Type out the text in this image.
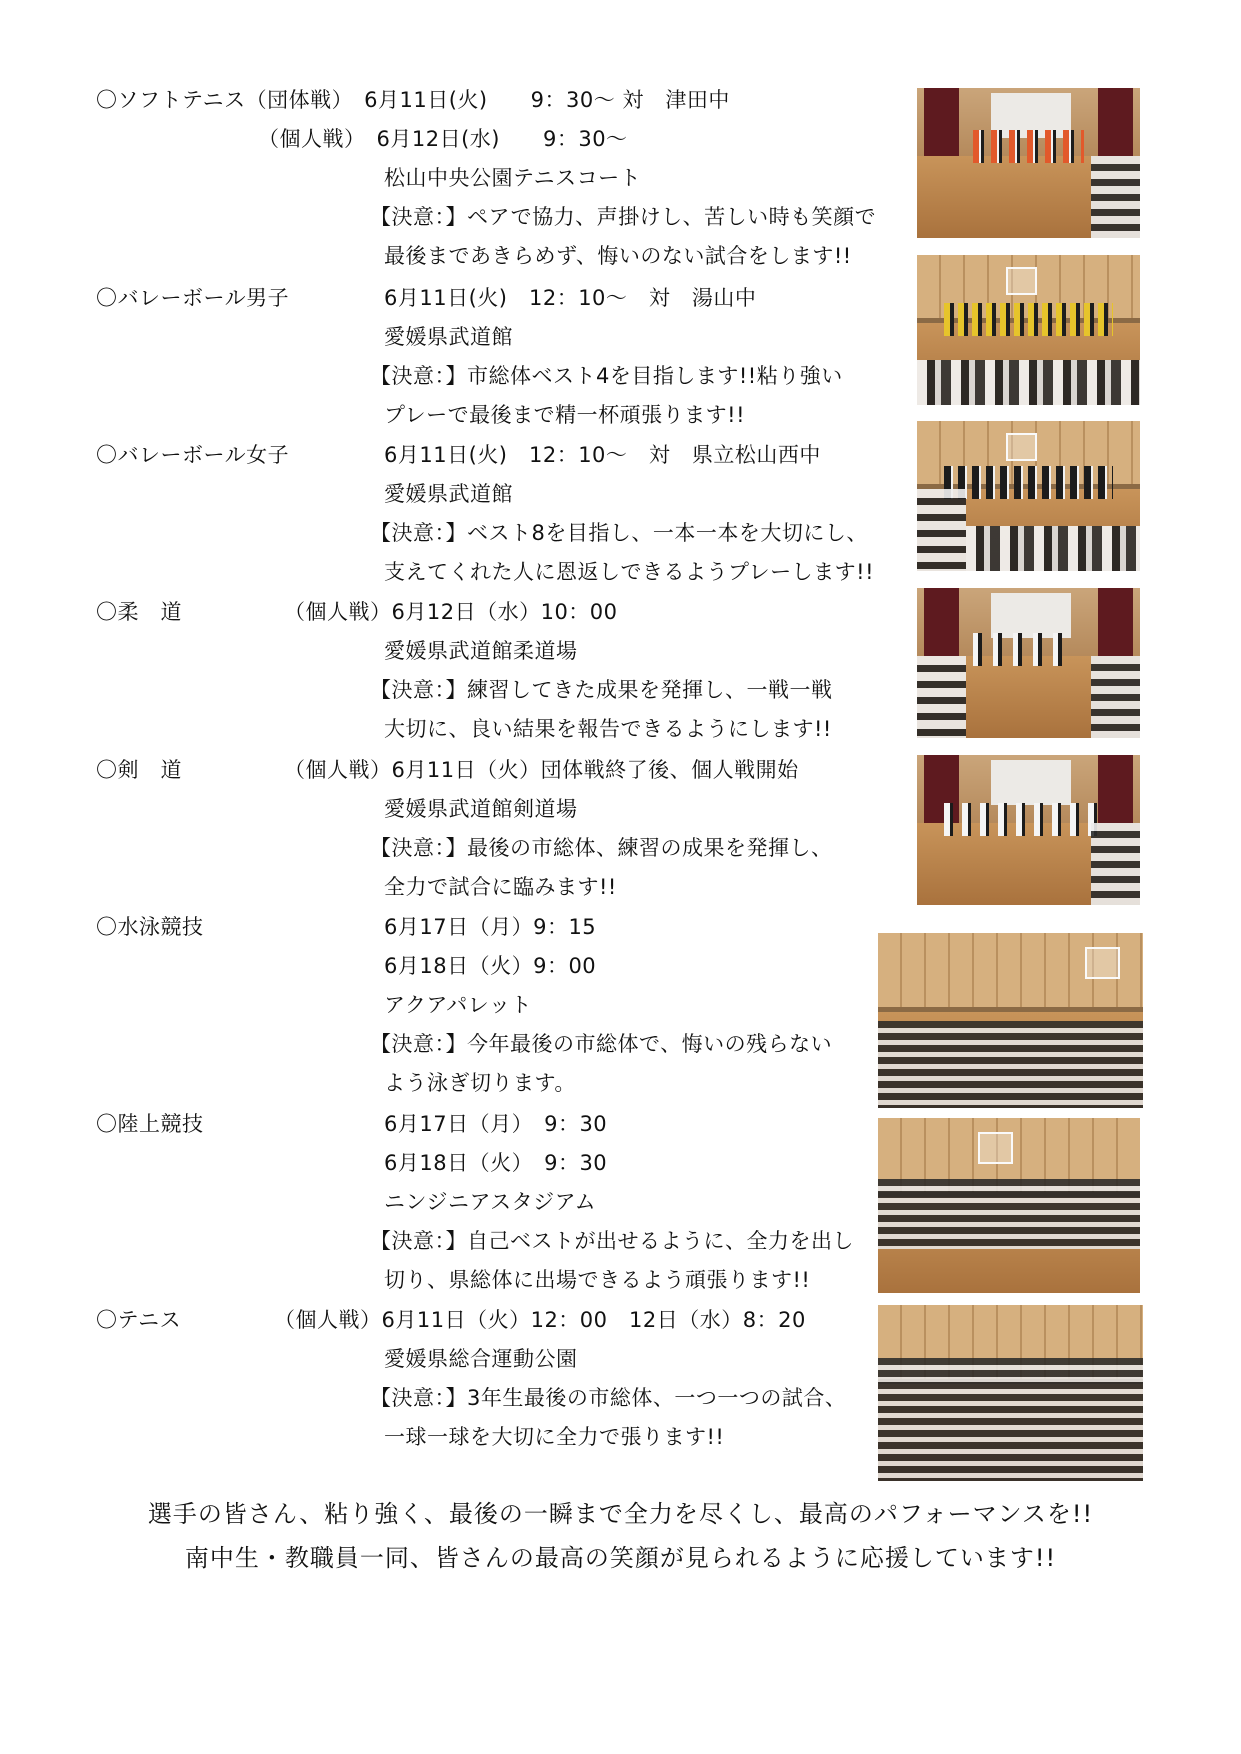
〇ソフトテニス（団体戦）　6月11日(火)　　9：30～ 対　津田中
（個人戦）　6月12日(水)　　9：30～
松山中央公園テニスコート
【決意：】ペアで協力、声掛けし、苦しい時も笑顔で
最後まであきらめず、悔いのない試合をします!!
〇バレーボール男子	6月11日(火)　12：10～　対　湯山中
愛媛県武道館
【決意：】市総体ベスト4を目指します!!粘り強い
プレーで最後まで精一杯頑張ります!!
〇バレーボール女子	6月11日(火)　12：10～　対　県立松山西中
愛媛県武道館
【決意：】ベスト8を目指し、一本一本を大切にし、
支えてくれた人に恩返しできるようプレーします!!
〇柔　道	（個人戦）6月12日（水）10：00
愛媛県武道館柔道場
【決意：】練習してきた成果を発揮し、一戦一戦
大切に、良い結果を報告できるようにします!!
〇剣　道	（個人戦）6月11日（火）団体戦終了後、個人戦開始
愛媛県武道館剣道場
【決意：】最後の市総体、練習の成果を発揮し、
全力で試合に臨みます!!
〇水泳競技	6月17日（月）9：15
6月18日（火）9：00
アクアパレット
【決意：】今年最後の市総体で、悔いの残らない
よう泳ぎ切ります。
〇陸上競技	6月17日（月）　9：30
6月18日（火）　9：30
ニンジニアスタジアム
【決意：】自己ベストが出せるように、全力を出し
切り、県総体に出場できるよう頑張ります!!
〇テニス	（個人戦）6月11日（火）12：00　12日（水）8：20
愛媛県総合運動公園
【決意：】3年生最後の市総体、一つ一つの試合、
一球一球を大切に全力で張ります!!
選手の皆さん、粘り強く、最後の一瞬まで全力を尽くし、最高のパフォーマンスを!!
南中生・教職員一同、皆さんの最高の笑顔が見られるように応援しています!!
